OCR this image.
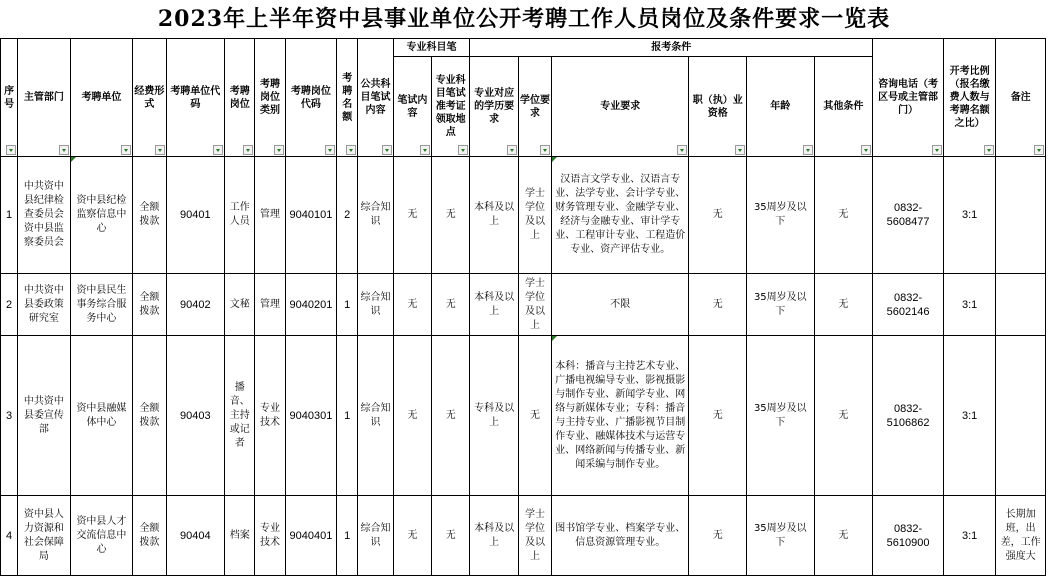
2023年上半年资中县事业单位公开考聘工作人员岗位及条件要求一览表
序号	主管部门	考聘单位	经费形式	考聘单位代码	考聘岗位	考聘岗位类别	考聘岗位代码	考聘名额	公共科目笔试内容	专业科目笔		报考条件						咨询电话（考区号或主管部门）	开考比例（报名缴费人数与考聘名额之比）	备注

										笔试内容	专业科目笔试准考证领取地点	专业对应的学历要求	学位要求	专业要求	职（执）业资格	年龄	其他条件			

1	中共资中县纪律检查委员会资中县监察委员会	资中县纪检监察信息中心	全额拨款	90401	工作人员	管理	9040101	2	综合知识	无	无	本科及以上	学士学位及以上	汉语言文学专业、汉语言专业、法学专业、会计学专业、财务管理专业、金融学专业、经济与金融专业、审计学专业、工程审计专业、工程造价专业、资产评估专业。	无	35周岁及以下	无	0832-5608477	3:1	

2	中共资中县委政策研究室	资中县民生事务综合服务中心	全额拨款	90402	文秘	管理	9040201	1	综合知识	无	无	本科及以上	学士学位及以上	不限	无	35周岁及以下	无	0832-5602146	3:1	

3	中共资中县委宣传部	资中县融媒体中心	全额拨款	90403	播音、主持或记者	专业技术	9040301	1	综合知识	无	无	专科及以上	无	本科：播音与主持艺术专业、广播电视编导专业、影视摄影与制作专业、新闻学专业、网络与新媒体专业；专科：播音与主持专业、广播影视节目制作专业、融媒体技术与运营专业、网络新闻与传播专业、新闻采编与制作专业。	无	35周岁及以下	无	0832-5106862	3:1	

4	资中县人力资源和社会保障局	资中县人才交流信息中心	全额拨款	90404	档案	专业技术	9040401	1	综合知识	无	无	本科及以上	学士学位及以上	图书馆学专业、档案学专业、信息资源管理专业。	无	35周岁及以下	无	0832-5610900	3:1	长期加班，出差，工作强度大
